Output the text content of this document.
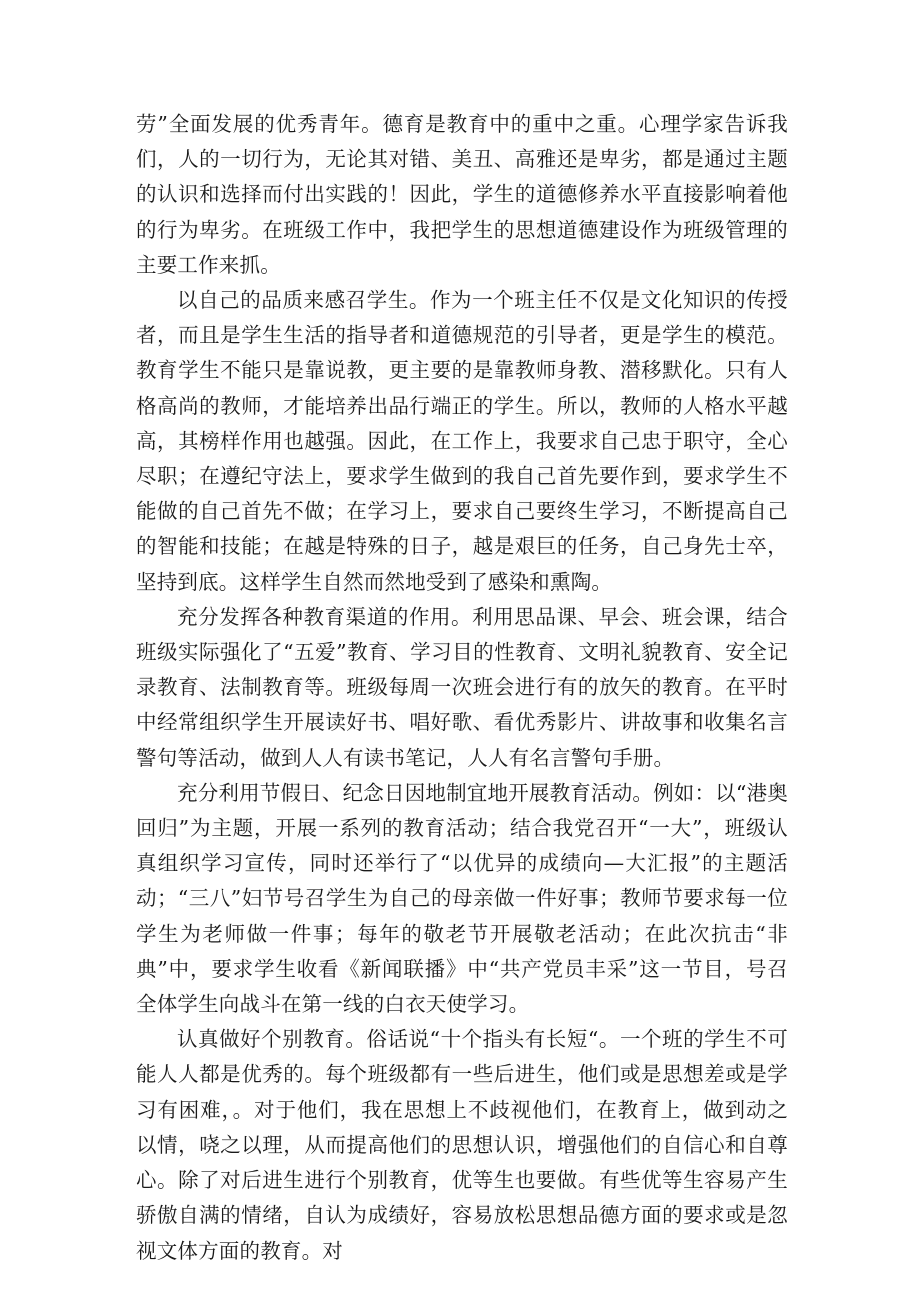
劳”全面发展的优秀青年。德育是教育中的重中之重。心理学家告诉我们，人的一切行为，无论其对错、美丑、高雅还是卑劣，都是通过主题的认识和选择而付出实践的！因此，学生的道德修养水平直接影响着他的行为卑劣。在班级工作中，我把学生的思想道德建设作为班级管理的主要工作来抓。

以自己的品质来感召学生。作为一个班主任不仅是文化知识的传授者，而且是学生生活的指导者和道德规范的引导者，更是学生的模范。教育学生不能只是靠说教，更主要的是靠教师身教、潜移默化。只有人格高尚的教师，才能培养出品行端正的学生。所以，教师的人格水平越高，其榜样作用也越强。因此，在工作上，我要求自己忠于职守，全心尽职；在遵纪守法上，要求学生做到的我自己首先要作到，要求学生不能做的自己首先不做；在学习上，要求自己要终生学习，不断提高自己的智能和技能；在越是特殊的日子，越是艰巨的任务，自己身先士卒，坚持到底。这样学生自然而然地受到了感染和熏陶。

充分发挥各种教育渠道的作用。利用思品课、早会、班会课，结合班级实际强化了“五爱”教育、学习目的性教育、文明礼貌教育、安全记录教育、法制教育等。班级每周一次班会进行有的放矢的教育。在平时中经常组织学生开展读好书、唱好歌、看优秀影片、讲故事和收集名言警句等活动，做到人人有读书笔记，人人有名言警句手册。

充分利用节假日、纪念日因地制宜地开展教育活动。例如：以“港奥回归”为主题，开展一系列的教育活动；结合我党召开“一大”，班级认真组织学习宣传，同时还举行了“以优异的成绩向—大汇报”的主题活动；“三八”妇节号召学生为自己的母亲做一件好事；教师节要求每一位学生为老师做一件事；每年的敬老节开展敬老活动；在此次抗击“非典”中，要求学生收看《新闻联播》中“共产党员丰采”这一节目，号召全体学生向战斗在第一线的白衣天使学习。

认真做好个别教育。俗话说“十个指头有长短“。一个班的学生不可能人人都是优秀的。每个班级都有一些后进生，他们或是思想差或是学习有困难，。对于他们，我在思想上不歧视他们，在教育上，做到动之以情，哓之以理，从而提高他们的思想认识，增强他们的自信心和自尊心。除了对后进生进行个别教育，优等生也要做。有些优等生容易产生骄傲自满的情绪，自认为成绩好，容易放松思想品德方面的要求或是忽视文体方面的教育。对
